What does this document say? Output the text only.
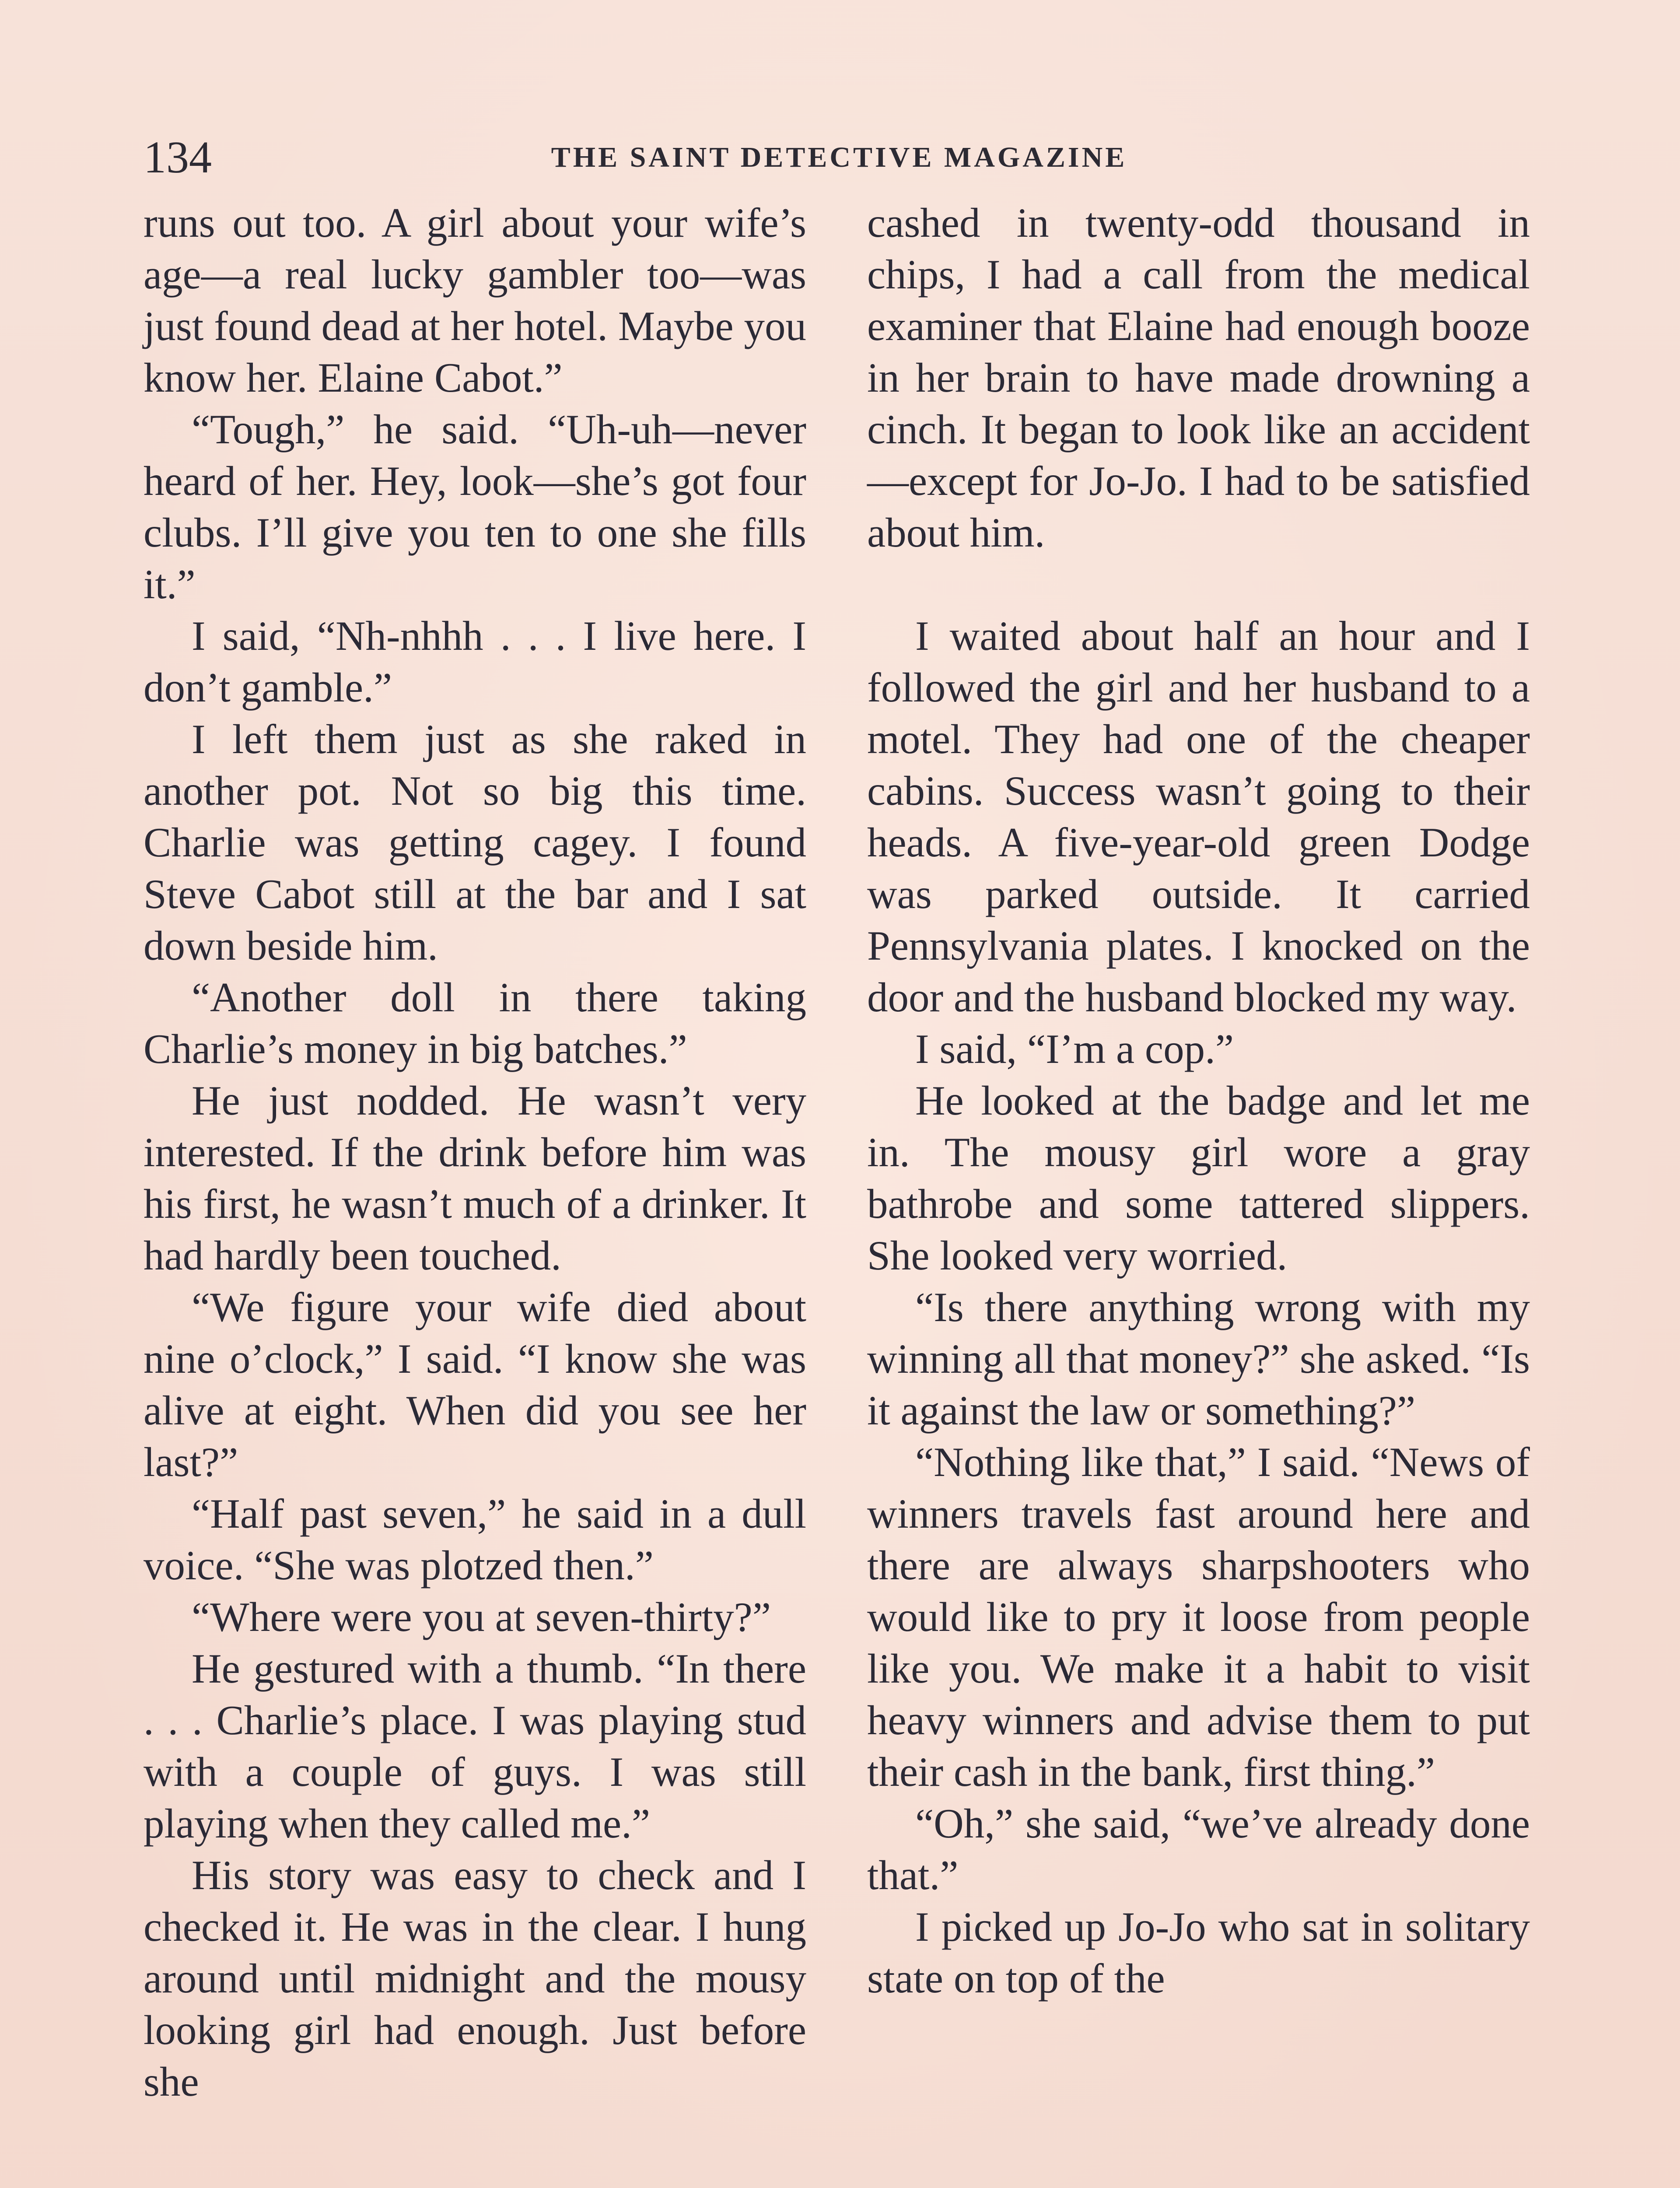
134	THE SAINT DETECTIVE MAGAZINE

runs out too. A girl about your wife’s age—a real lucky gambler too—was just found dead at her hotel. Maybe you know her. Elaine Cabot.”

“Tough,” he said. “Uh-uh—never heard of her. Hey, look—she’s got four clubs. I’ll give you ten to one she fills it.”

I said, “Nh-nhhh . . . I live here. I don’t gamble.”

I left them just as she raked in another pot. Not so big this time. Charlie was getting cagey. I found Steve Cabot still at the bar and I sat down beside him.

“Another doll in there taking Charlie’s money in big batches.”

He just nodded. He wasn’t very interested. If the drink before him was his first, he wasn’t much of a drinker. It had hardly been touched.

“We figure your wife died about nine o’clock,” I said. “I know she was alive at eight. When did you see her last?”

“Half past seven,” he said in a dull voice. “She was plotzed then.”

“Where were you at seven-thirty?”

He gestured with a thumb. “In there . . . Charlie’s place. I was playing stud with a couple of guys. I was still playing when they called me.”

His story was easy to check and I checked it. He was in the clear. I hung around until midnight and the mousy looking girl had enough. Just before she

cashed in twenty-odd thousand in chips, I had a call from the medical examiner that Elaine had enough booze in her brain to have made drowning a cinch. It began to look like an accident—except for Jo-Jo. I had to be satisfied about him.

I waited about half an hour and I followed the girl and her husband to a motel. They had one of the cheaper cabins. Success wasn’t going to their heads. A five-year-old green Dodge was parked outside. It carried Pennsylvania plates. I knocked on the door and the husband blocked my way.

I said, “I’m a cop.”

He looked at the badge and let me in. The mousy girl wore a gray bathrobe and some tattered slippers. She looked very worried.

“Is there anything wrong with my winning all that money?” she asked. “Is it against the law or something?”

“Nothing like that,” I said. “News of winners travels fast around here and there are always sharpshooters who would like to pry it loose from people like you. We make it a habit to visit heavy winners and advise them to put their cash in the bank, first thing.”

“Oh,” she said, “we’ve already done that.”

I picked up Jo-Jo who sat in solitary state on top of the
